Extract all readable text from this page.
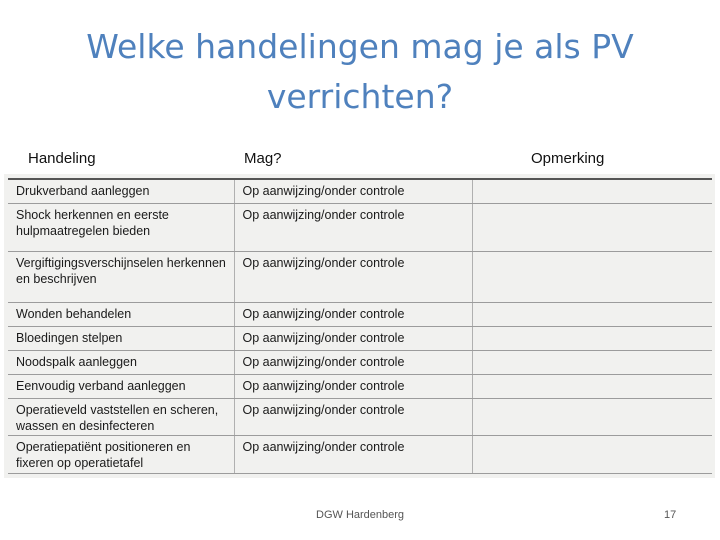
Welke handelingen mag je als PV verrichten?
Handeling	Mag?	Opmerking
Drukverband aanleggen	Op aanwijzing/onder controle	
Shock herkennen en eerste hulpmaatregelen bieden	Op aanwijzing/onder controle	
Vergiftigingsverschijnselen herkennen en beschrijven	Op aanwijzing/onder controle	
Wonden behandelen	Op aanwijzing/onder controle	
Bloedingen stelpen	Op aanwijzing/onder controle	
Noodspalk aanleggen	Op aanwijzing/onder controle	
Eenvoudig verband aanleggen	Op aanwijzing/onder controle	
Operatieveld vaststellen en scheren, wassen en desinfecteren	Op aanwijzing/onder controle	
Operatiepatiënt positioneren en fixeren op operatietafel	Op aanwijzing/onder controle	
DGW Hardenberg	17
